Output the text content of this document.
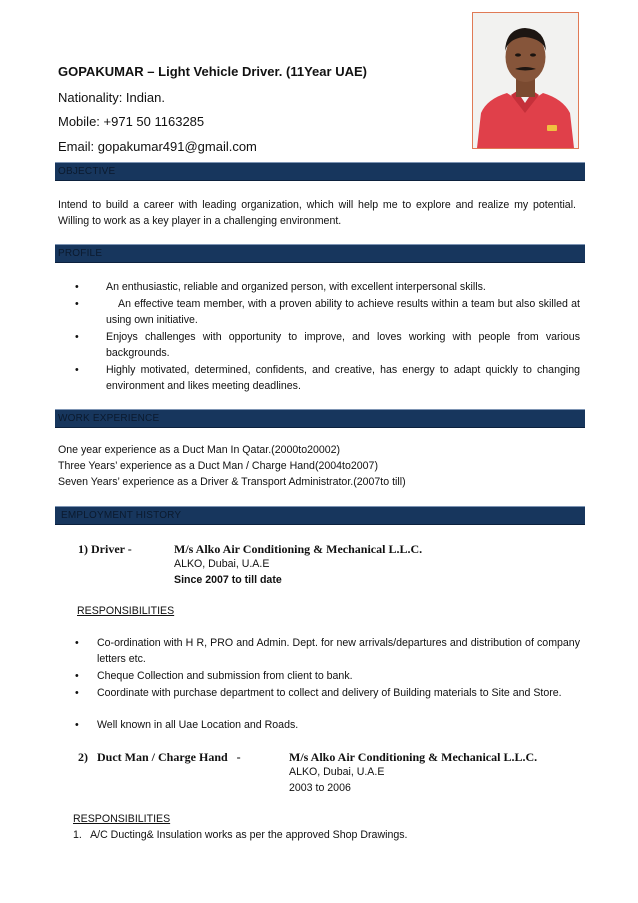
GOPAKUMAR – Light Vehicle Driver. (11Year UAE)
Nationality: Indian.
Mobile: +971 50 1163285
Email: gopakumar491@gmail.com
OBJECTIVE
Intend to build a career with leading organization, which will help me to explore and realize my potential. Willing to work as a key player in a challenging environment.
PROFILE
•	An enthusiastic, reliable and organized person, with excellent interpersonal skills.
•	An effective team member, with a proven ability to achieve results within a team but also skilled at using own initiative.
•	Enjoys challenges with opportunity to improve, and loves working with people from various backgrounds.
•	Highly motivated, determined, confidents, and creative, has energy to adapt quickly to changing environment and likes meeting deadlines.
WORK EXPERIENCE
One year experience as a Duct Man In Qatar.(2000to20002)
Three Years’ experience as a Duct Man / Charge Hand(2004to2007)
Seven Years’ experience as a Driver & Transport Administrator.(2007to till)
EMPLOYMENT HISTORY
1) Driver -	M/s Alko Air Conditioning & Mechanical L.L.C.
ALKO, Dubai, U.A.E
Since 2007 to till date
RESPONSIBILITIES
•	Co-ordination with H R, PRO and Admin. Dept. for new arrivals/departures and distribution of company letters etc.
•	Cheque Collection and submission from client to bank.
•	Coordinate with purchase department to collect and delivery of Building materials to Site and Store.
•	Well known in all Uae Location and Roads.
2)   Duct Man / Charge Hand   -	M/s Alko Air Conditioning & Mechanical L.L.C.
ALKO, Dubai, U.A.E
2003 to 2006
RESPONSIBILITIES
1.   A/C Ducting& Insulation works as per the approved Shop Drawings.
